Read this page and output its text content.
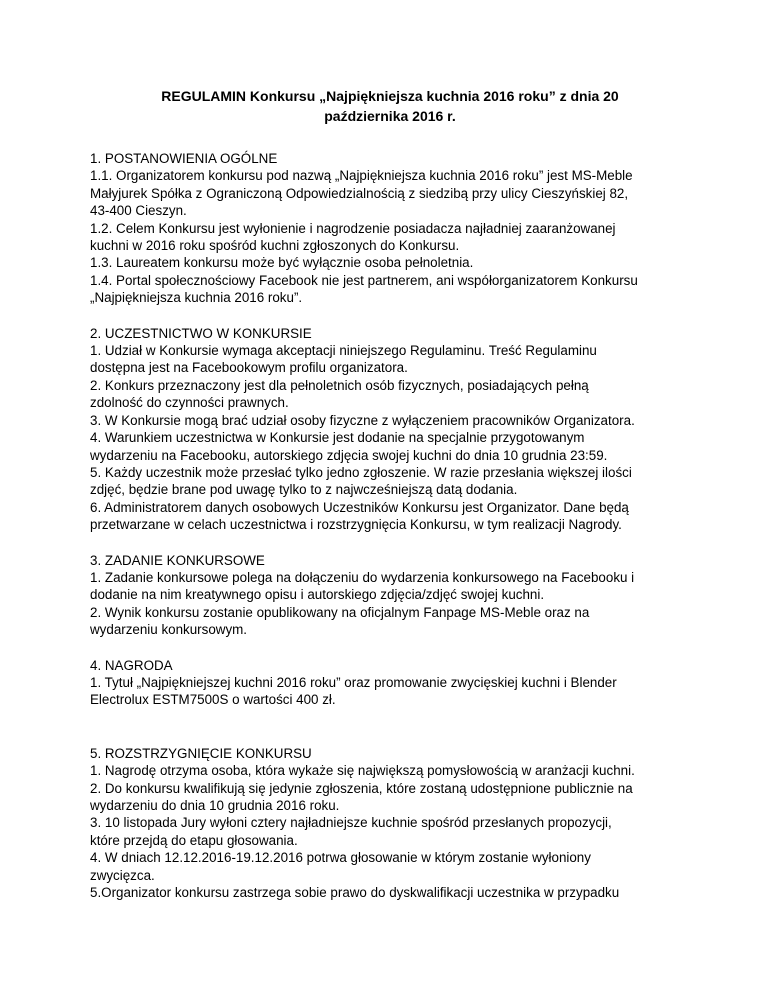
REGULAMIN Konkursu „Najpiękniejsza kuchnia 2016 roku” z dnia 20
października 2016 r.
1. POSTANOWIENIA OGÓLNE
1.1. Organizatorem konkursu pod nazwą „Najpiękniejsza kuchnia 2016 roku” jest MS-Meble
Małyjurek Spółka z Ograniczoną Odpowiedzialnością z siedzibą przy ulicy Cieszyńskiej 82,
43-400 Cieszyn.
1.2. Celem Konkursu jest wyłonienie i nagrodzenie posiadacza najładniej zaaranżowanej
kuchni w 2016 roku spośród kuchni zgłoszonych do Konkursu.
1.3. Laureatem konkursu może być wyłącznie osoba pełnoletnia.
1.4. Portal społecznościowy Facebook nie jest partnerem, ani współorganizatorem Konkursu
„Najpiękniejsza kuchnia 2016 roku”.
2. UCZESTNICTWO W KONKURSIE
1. Udział w Konkursie wymaga akceptacji niniejszego Regulaminu. Treść Regulaminu
dostępna jest na Facebookowym profilu organizatora.
2. Konkurs przeznaczony jest dla pełnoletnich osób fizycznych, posiadających pełną
zdolność do czynności prawnych.
3. W Konkursie mogą brać udział osoby fizyczne z wyłączeniem pracowników Organizatora.
4. Warunkiem uczestnictwa w Konkursie jest dodanie na specjalnie przygotowanym
wydarzeniu na Facebooku, autorskiego zdjęcia swojej kuchni do dnia 10 grudnia 23:59.
5. Każdy uczestnik może przesłać tylko jedno zgłoszenie. W razie przesłania większej ilości
zdjęć, będzie brane pod uwagę tylko to z najwcześniejszą datą dodania.
6. Administratorem danych osobowych Uczestników Konkursu jest Organizator. Dane będą
przetwarzane w celach uczestnictwa i rozstrzygnięcia Konkursu, w tym realizacji Nagrody.
3. ZADANIE KONKURSOWE
1. Zadanie konkursowe polega na dołączeniu do wydarzenia konkursowego na Facebooku i
dodanie na nim kreatywnego opisu i autorskiego zdjęcia/zdjęć swojej kuchni.
2. Wynik konkursu zostanie opublikowany na oficjalnym Fanpage MS-Meble oraz na
wydarzeniu konkursowym.
4. NAGRODA
1. Tytuł „Najpiękniejszej kuchni 2016 roku” oraz promowanie zwycięskiej kuchni i Blender
Electrolux ESTM7500S o wartości 400 zł.
5. ROZSTRZYGNIĘCIE KONKURSU
1. Nagrodę otrzyma osoba, która wykaże się największą pomysłowością w aranżacji kuchni.
2. Do konkursu kwalifikują się jedynie zgłoszenia, które zostaną udostępnione publicznie na
wydarzeniu do dnia 10 grudnia 2016 roku.
3. 10 listopada Jury wyłoni cztery najładniejsze kuchnie spośród przesłanych propozycji,
które przejdą do etapu głosowania.
4. W dniach 12.12.2016-19.12.2016 potrwa głosowanie w którym zostanie wyłoniony
zwycięzca.
5.Organizator konkursu zastrzega sobie prawo do dyskwalifikacji uczestnika w przypadku
